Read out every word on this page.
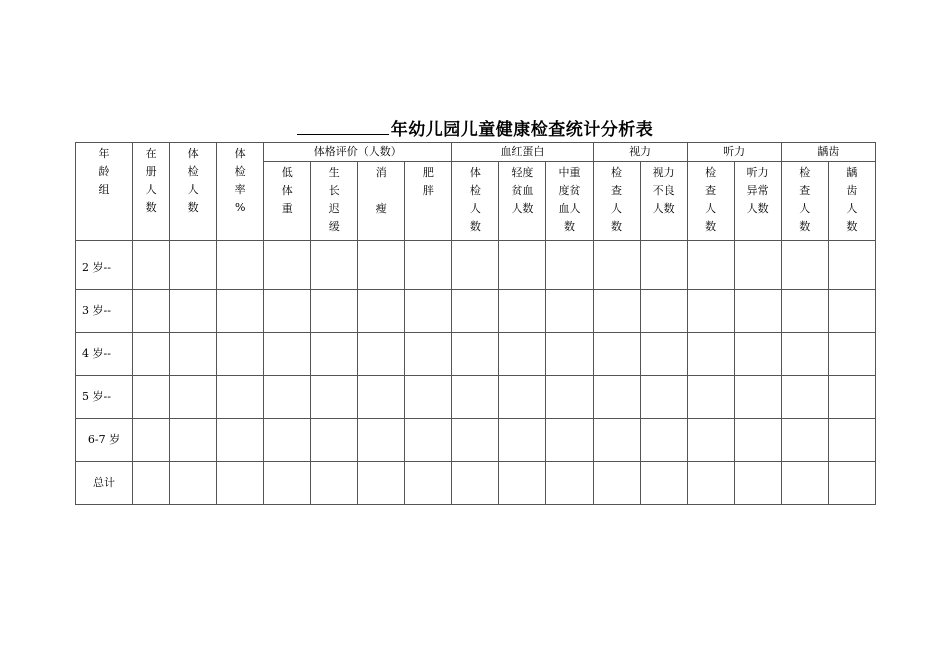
年幼儿园儿童健康检查统计分析表
年
龄
组	在
册
人
数	体
检
人
数	体
检
率
%	体格评价（人数）				血红蛋白			视力		听力		龋齿	
				低
体
重	生
长
迟
缓	消

瘦	肥
胖	体
检
人
数	轻度
贫血
人数	中重
度贫
血人
数	检
查
人
数	视力
不良
人数	检
查
人
数	听力
异常
人数	检
查
人
数	龋
齿
人
数
2 岁--																
3 岁--																
4 岁--																
5 岁--																
6-7 岁																
总计																
